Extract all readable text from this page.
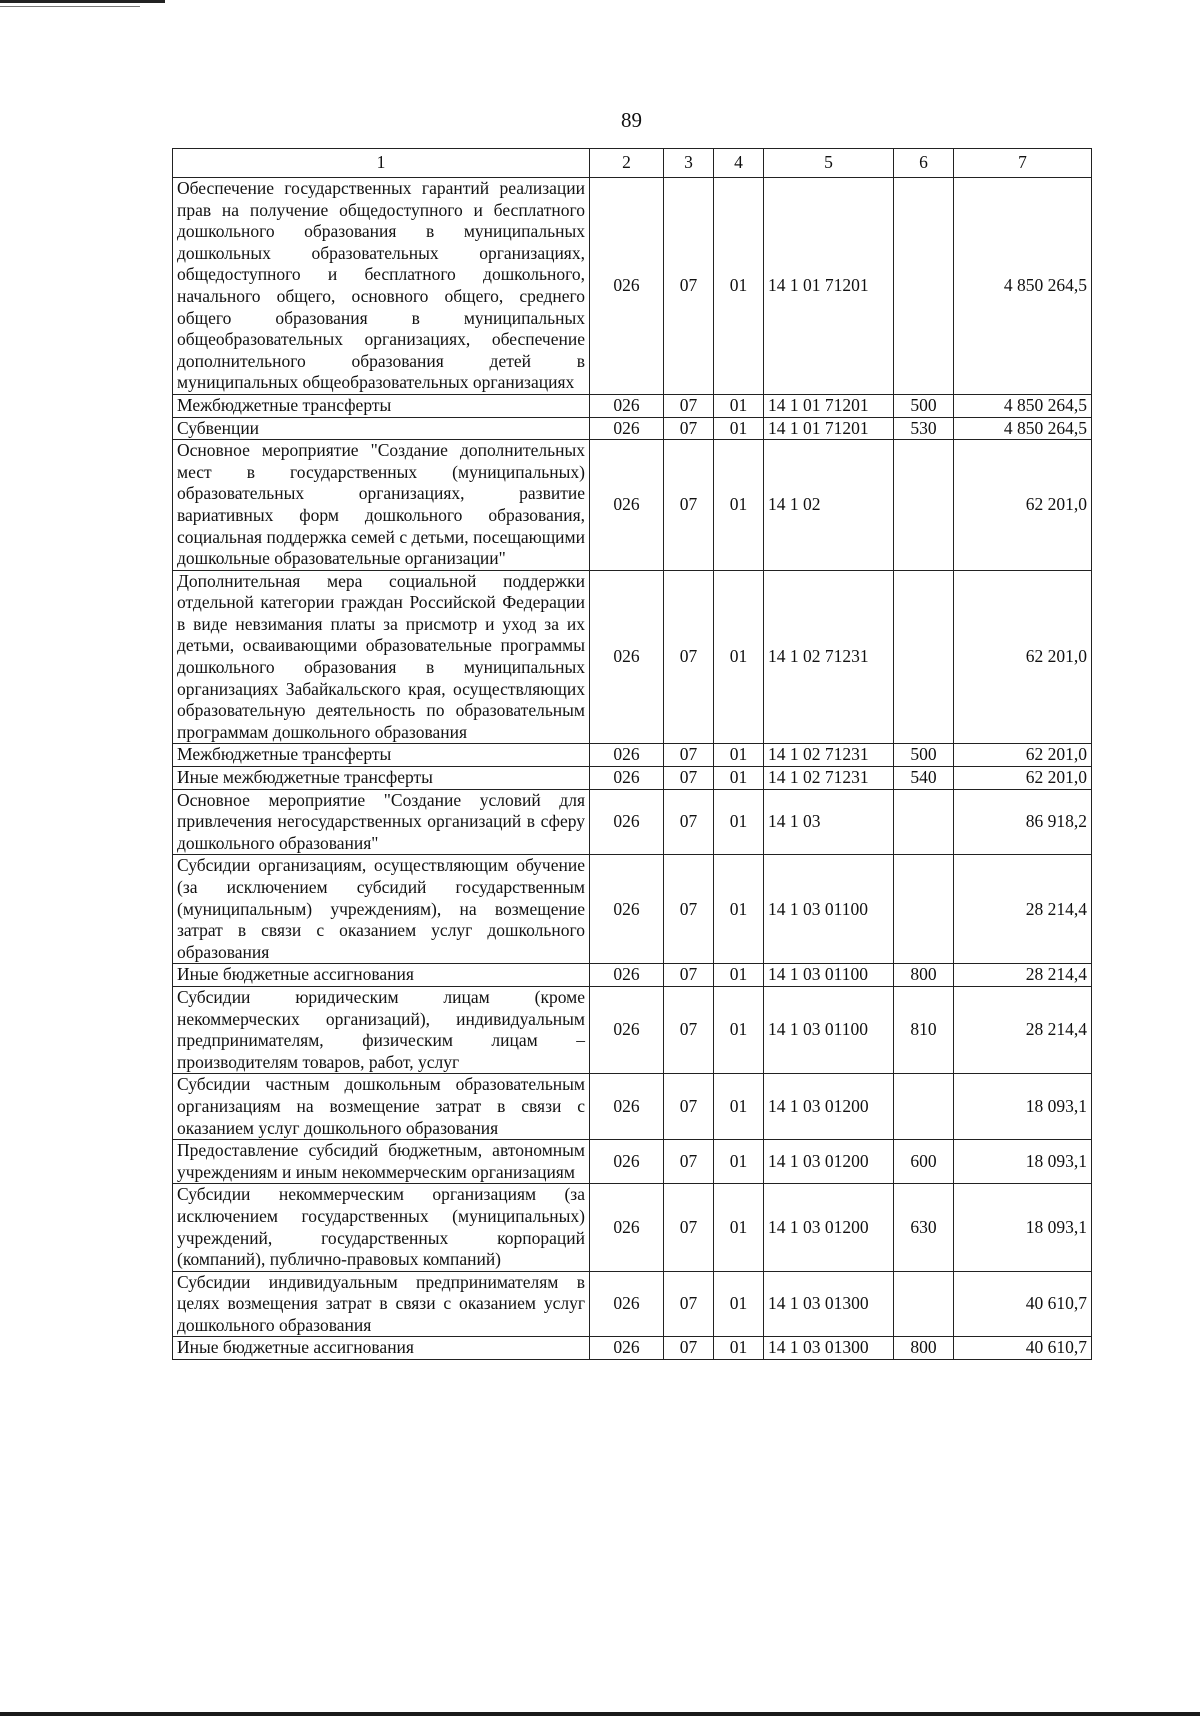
89
1	2	3	4	5	6	7
Обеспечение государственных гарантий реализации прав на получение общедоступного и бесплатного дошкольного образования в муниципальных дошкольных образовательных организациях, общедоступного и бесплатного дошкольного, начального общего, основного общего, среднего общего образования в муниципальных общеобразовательных организациях, обеспечение дополнительного образования детей в муниципальных общеобразовательных организациях	026	07	01	14 1 01 71201		4 850 264,5
Межбюджетные трансферты	026	07	01	14 1 01 71201	500	4 850 264,5
Субвенции	026	07	01	14 1 01 71201	530	4 850 264,5
Основное мероприятие "Создание дополнительных мест в государственных (муниципальных) образовательных организациях, развитие вариативных форм дошкольного образования, социальная поддержка семей с детьми, посещающими дошкольные образовательные организации"	026	07	01	14 1 02		62 201,0
Дополнительная мера социальной поддержки отдельной категории граждан Российской Федерации в виде невзимания платы за присмотр и уход за их детьми, осваивающими образовательные программы дошкольного образования в муниципальных организациях Забайкальского края, осуществляющих образовательную деятельность по образовательным программам дошкольного образования	026	07	01	14 1 02 71231		62 201,0
Межбюджетные трансферты	026	07	01	14 1 02 71231	500	62 201,0
Иные межбюджетные трансферты	026	07	01	14 1 02 71231	540	62 201,0
Основное мероприятие "Создание условий для привлечения негосударственных организаций в сферу дошкольного образования"	026	07	01	14 1 03		86 918,2
Субсидии организациям, осуществляющим обучение (за исключением субсидий государственным (муниципальным) учреждениям), на возмещение затрат в связи с оказанием услуг дошкольного образования	026	07	01	14 1 03 01100		28 214,4
Иные бюджетные ассигнования	026	07	01	14 1 03 01100	800	28 214,4
Субсидии юридическим лицам (кроме некоммерческих организаций), индивидуальным предпринимателям, физическим лицам – производителям товаров, работ, услуг	026	07	01	14 1 03 01100	810	28 214,4
Субсидии частным дошкольным образовательным организациям на возмещение затрат в связи с оказанием услуг дошкольного образования	026	07	01	14 1 03 01200		18 093,1
Предоставление субсидий бюджетным, автономным учреждениям и иным некоммерческим организациям	026	07	01	14 1 03 01200	600	18 093,1
Субсидии некоммерческим организациям (за исключением государственных (муниципальных) учреждений, государственных корпораций (компаний), публично-правовых компаний)	026	07	01	14 1 03 01200	630	18 093,1
Субсидии индивидуальным предпринимателям в целях возмещения затрат в связи с оказанием услуг дошкольного образования	026	07	01	14 1 03 01300		40 610,7
Иные бюджетные ассигнования	026	07	01	14 1 03 01300	800	40 610,7
